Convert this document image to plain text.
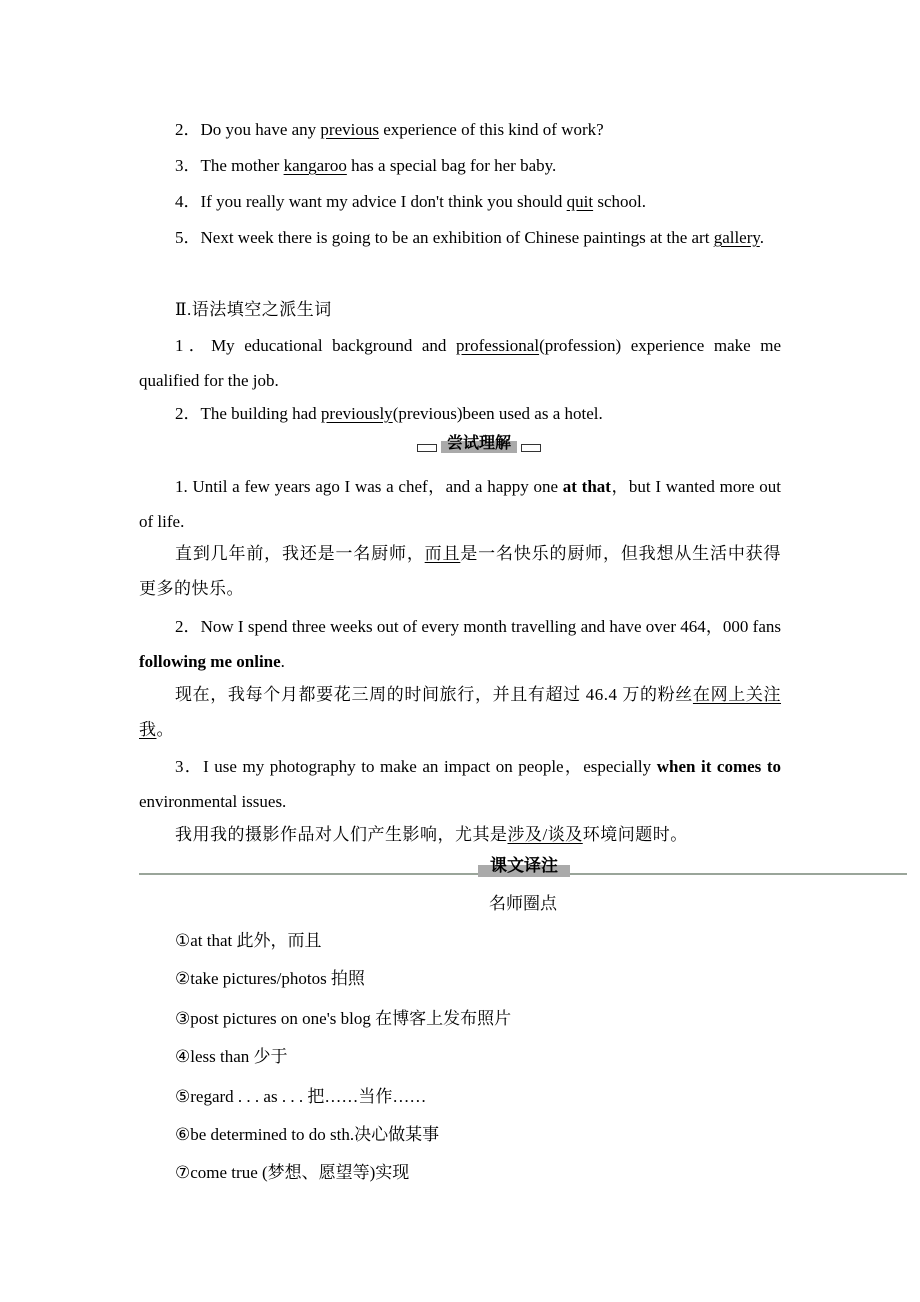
2．Do you have any previous experience of this kind of work?
3．The mother kangaroo has a special bag for her baby.
4．If you really want my advice I don't think you should quit school.
5．Next week there is going to be an exhibition of Chinese paintings at the art gallery.
Ⅱ.语法填空之派生词
1．My educational background and professional(profession) experience make me qualified for the job.
2．The building had previously(previous)been used as a hotel.
1. Until a few years ago I was a chef，and a happy one at that，but I wanted more out of life.
直到几年前，我还是一名厨师，而且是一名快乐的厨师，但我想从生活中获得更多的快乐。
2．Now I spend three weeks out of every month travelling and have over 464，000 fans following me online.
现在，我每个月都要花三周的时间旅行，并且有超过 46.4 万的粉丝在网上关注我。
3．I use my photography to make an impact on people，especially when it comes to environmental issues.
我用我的摄影作品对人们产生影响，尤其是涉及/谈及环境问题时。
尝试理解
课文译注
名师圈点
①at that 此外，而且
②take pictures/photos 拍照
③post pictures on one's blog 在博客上发布照片
④less than 少于
⑤regard . . . as . . . 把……当作……
⑥be determined to do sth.决心做某事
⑦come true (梦想、愿望等)实现
